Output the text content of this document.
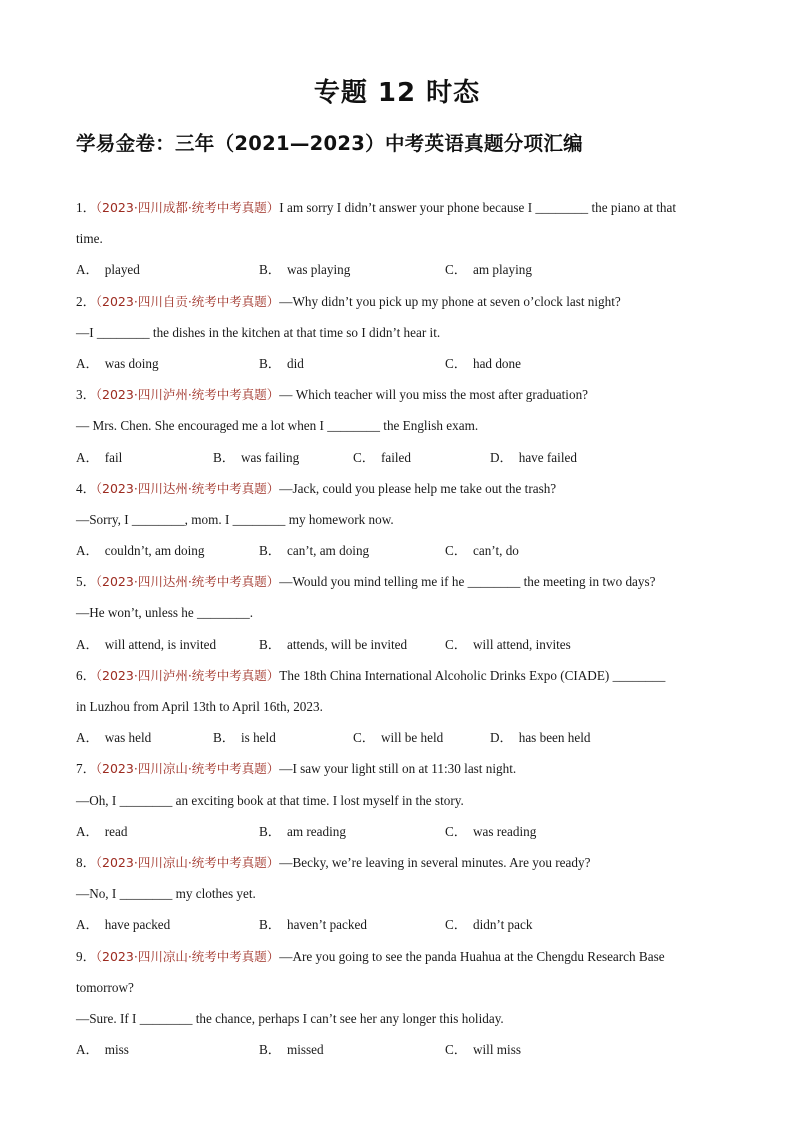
专题 12 时态
学易金卷：三年（2021—2023）中考英语真题分项汇编
1．（2023·四川成都·统考中考真题）I am sorry I didn’t answer your phone because I ________ the piano at that
time.
A． played	B． was playing	C． am playing
2．（2023·四川自贡·统考中考真题）—Why didn’t you pick up my phone at seven o’clock last night?
—I ________ the dishes in the kitchen at that time so I didn’t hear it.
A． was doing	B． did	C． had done
3．（2023·四川泸州·统考中考真题）— Which teacher will you miss the most after graduation?
— Mrs. Chen. She encouraged me a lot when I ________ the English exam.
A． fail	B． was failing	C． failed	D． have failed
4．（2023·四川达州·统考中考真题）—Jack, could you please help me take out the trash?
—Sorry, I ________, mom. I ________ my homework now.
A． couldn’t, am doing	B． can’t, am doing	C． can’t, do
5．（2023·四川达州·统考中考真题）—Would you mind telling me if he ________ the meeting in two days?
—He won’t, unless he ________.
A． will attend, is invited	B． attends, will be invited	C． will attend, invites
6．（2023·四川泸州·统考中考真题）The 18th China International Alcoholic Drinks Expo (CIADE) ________
in Luzhou from April 13th to April 16th, 2023.
A． was held	B． is held	C． will be held	D． has been held
7．（2023·四川凉山·统考中考真题）—I saw your light still on at 11:30 last night.
—Oh, I ________ an exciting book at that time. I lost myself in the story.
A． read	B． am reading	C． was reading
8．（2023·四川凉山·统考中考真题）—Becky, we’re leaving in several minutes. Are you ready?
—No, I ________ my clothes yet.
A． have packed	B． haven’t packed	C． didn’t pack
9．（2023·四川凉山·统考中考真题）—Are you going to see the panda Huahua at the Chengdu Research Base
tomorrow?
—Sure. If I ________ the chance, perhaps I can’t see her any longer this holiday.
A． miss	B． missed	C． will miss
